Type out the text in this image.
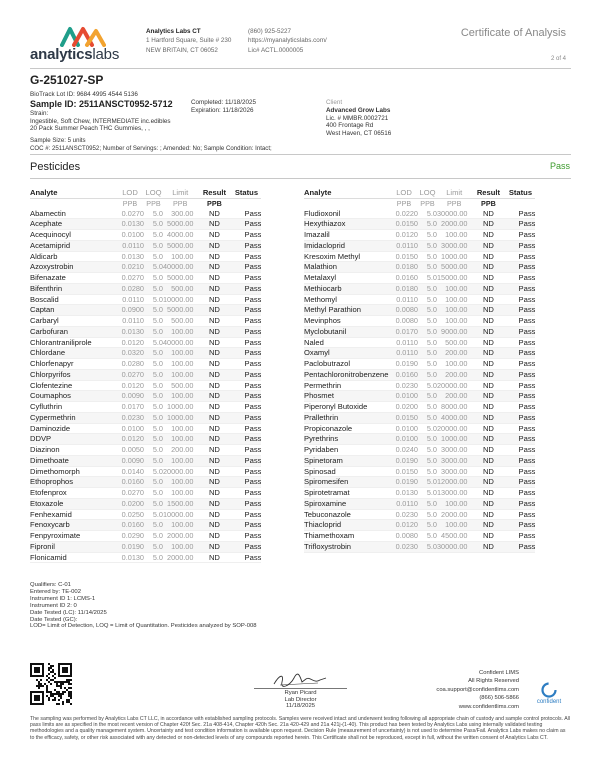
analyticslabs
Analytics Labs CT
1 Hartford Square, Suite # 230
NEW BRITAIN, CT 06052
(860) 925-5227
https://myanalyticslabs.com/
Lic# ACTL.0000005
Certificate of Analysis
2 of 4
G-251027-SP
BioTrack Lot ID: 9684 4995 4544 5136
Sample ID: 2511ANSCT0952-5712
Strain:
Ingestible, Soft Chew, INTERMEDIATE inc.edibles
20 Pack Summer Peach THC Gummies, , ,
Completed: 11/18/2025
Expiration: 11/18/2026
Client
Advanced Grow Labs
Lic. # MMBR.0002721
400 Frontage Rd
West Haven, CT 06516
Sample Size: 5 units
COC #: 2511ANSCT0952; Number of Servings: ; Amended: No; Sample Condition: Intact;
Pesticides	Pass
Analyte	LOD	LOQ	Limit	Result	Status
	PPB	PPB	PPB	PPB	
Abamectin	0.0270	5.0	300.00	ND	Pass
Acephate	0.0130	5.0	5000.00	ND	Pass
Acequinocyl	0.0100	5.0	4000.00	ND	Pass
Acetamiprid	0.0110	5.0	5000.00	ND	Pass
Aldicarb	0.0130	5.0	100.00	ND	Pass
Azoxystrobin	0.0210	5.0	40000.00	ND	Pass
Bifenazate	0.0270	5.0	5000.00	ND	Pass
Bifenthrin	0.0280	5.0	500.00	ND	Pass
Boscalid	0.0110	5.0	10000.00	ND	Pass
Captan	0.0900	5.0	5000.00	ND	Pass
Carbaryl	0.0110	5.0	500.00	ND	Pass
Carbofuran	0.0130	5.0	100.00	ND	Pass
Chlorantraniliprole	0.0120	5.0	40000.00	ND	Pass
Chlordane	0.0320	5.0	100.00	ND	Pass
Chlorfenapyr	0.0280	5.0	100.00	ND	Pass
Chlorpyrifos	0.0270	5.0	100.00	ND	Pass
Clofentezine	0.0120	5.0	500.00	ND	Pass
Coumaphos	0.0090	5.0	100.00	ND	Pass
Cyfluthrin	0.0170	5.0	1000.00	ND	Pass
Cypermethrin	0.0230	5.0	1000.00	ND	Pass
Daminozide	0.0100	5.0	100.00	ND	Pass
DDVP	0.0120	5.0	100.00	ND	Pass
Diazinon	0.0050	5.0	200.00	ND	Pass
Dimethoate	0.0090	5.0	100.00	ND	Pass
Dimethomorph	0.0140	5.0	20000.00	ND	Pass
Ethoprophos	0.0160	5.0	100.00	ND	Pass
Etofenprox	0.0270	5.0	100.00	ND	Pass
Etoxazole	0.0200	5.0	1500.00	ND	Pass
Fenhexamid	0.0250	5.0	10000.00	ND	Pass
Fenoxycarb	0.0160	5.0	100.00	ND	Pass
Fenpyroximate	0.0290	5.0	2000.00	ND	Pass
Fipronil	0.0190	5.0	100.00	ND	Pass
Flonicamid	0.0130	5.0	2000.00	ND	Pass
Analyte	LOD	LOQ	Limit	Result	Status
	PPB	PPB	PPB	PPB	
Fludioxonil	0.0220	5.0	30000.00	ND	Pass
Hexythiazox	0.0150	5.0	2000.00	ND	Pass
Imazalil	0.0120	5.0	100.00	ND	Pass
Imidacloprid	0.0110	5.0	3000.00	ND	Pass
Kresoxim Methyl	0.0150	5.0	1000.00	ND	Pass
Malathion	0.0180	5.0	5000.00	ND	Pass
Metalaxyl	0.0160	5.0	15000.00	ND	Pass
Methiocarb	0.0180	5.0	100.00	ND	Pass
Methomyl	0.0110	5.0	100.00	ND	Pass
Methyl Parathion	0.0080	5.0	100.00	ND	Pass
Mevinphos	0.0080	5.0	100.00	ND	Pass
Myclobutanil	0.0170	5.0	9000.00	ND	Pass
Naled	0.0110	5.0	500.00	ND	Pass
Oxamyl	0.0110	5.0	200.00	ND	Pass
Paclobutrazol	0.0190	5.0	100.00	ND	Pass
Pentachloronitrobenzene	0.0160	5.0	200.00	ND	Pass
Permethrin	0.0230	5.0	20000.00	ND	Pass
Phosmet	0.0100	5.0	200.00	ND	Pass
Piperonyl Butoxide	0.0200	5.0	8000.00	ND	Pass
Prallethrin	0.0150	5.0	4000.00	ND	Pass
Propiconazole	0.0100	5.0	20000.00	ND	Pass
Pyrethrins	0.0100	5.0	1000.00	ND	Pass
Pyridaben	0.0240	5.0	3000.00	ND	Pass
Spinetoram	0.0190	5.0	3000.00	ND	Pass
Spinosad	0.0150	5.0	3000.00	ND	Pass
Spiromesifen	0.0190	5.0	12000.00	ND	Pass
Spirotetramat	0.0130	5.0	13000.00	ND	Pass
Spiroxamine	0.0110	5.0	100.00	ND	Pass
Tebuconazole	0.0230	5.0	2000.00	ND	Pass
Thiacloprid	0.0120	5.0	100.00	ND	Pass
Thiamethoxam	0.0080	5.0	4500.00	ND	Pass
Trifloxystrobin	0.0230	5.0	30000.00	ND	Pass
Qualifiers: C-01
Entered by: TE-002
Instrument ID 1: LCMS-1
Instrument ID 2: 0
Date Tested (LC): 11/14/2025
Date Tested (GC):
LOD= Limit of Detection, LOQ = Limit of Quantitation. Pesticides analyzed by SOP-008
Ryan Picard
Lab Director
11/18/2025
Confident LIMS
All Rights Reserved
coa.support@confidentlims.com
(866) 506-5866
www.confidentlims.com
confident
The sampling was performed by Analytics Labs CT LLC, in accordance with established sampling protocols. Samples were received intact and underwent testing following all appropriate chain of custody and sample control protocols. All pass limits are as specified in the most recent version of Chapter 420f Sec. 21a 408-414, Chapter 420h Sec. 21a 420-429 and 21a 421j-(1-40). This product has been tested by Analytics Labs using internally validated testing methodologies and a quality management system. Uncertainty and test condition information is available upon request. Decision Rule (measurement of uncertainty) is not used to determine Pass/Fail. Analytics Labs makes no claim as to the efficacy, safety, or other risk associated with any detected or non-detected levels of any compounds reported herein. This Certificate shall not be reproduced, except in full, without the written consent of Analytics Labs CT.
